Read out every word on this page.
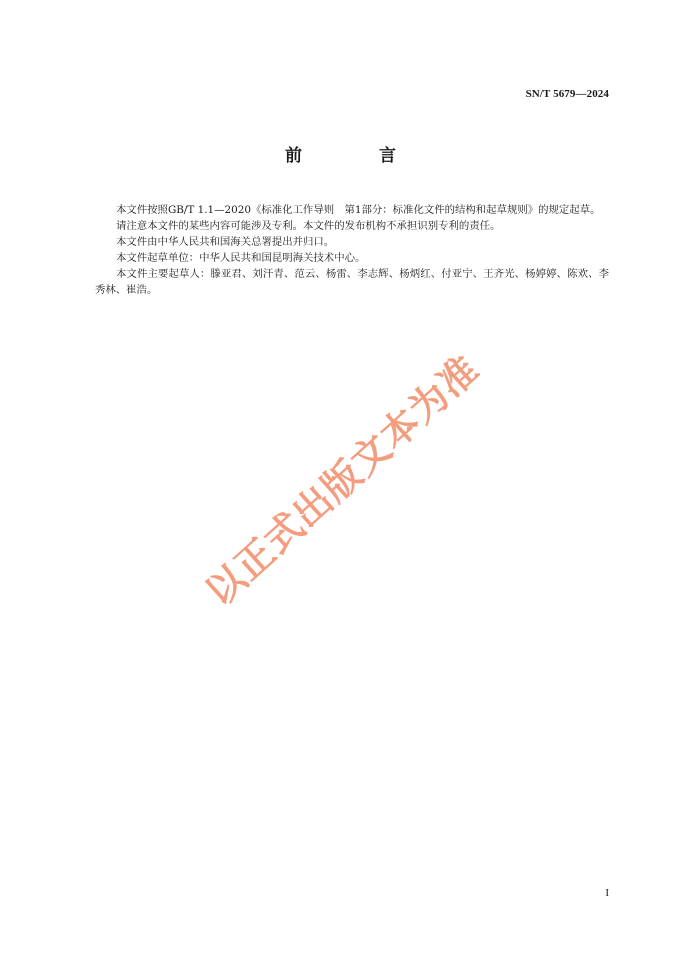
SN/T 5679—2024
前　言

本文件按照GB/T 1.1—2020《标准化工作导则　第1部分：标准化文件的结构和起草规则》的规定起草。

请注意本文件的某些内容可能涉及专利。本文件的发布机构不承担识别专利的责任。

本文件由中华人民共和国海关总署提出并归口。

本文件起草单位：中华人民共和国昆明海关技术中心。

本文件主要起草人：滕亚君、刘汗青、范云、杨雷、李志辉、杨炳红、付亚宁、王齐光、杨婷婷、陈欢、李秀林、崔浩。

以正式出版文本为准
I
